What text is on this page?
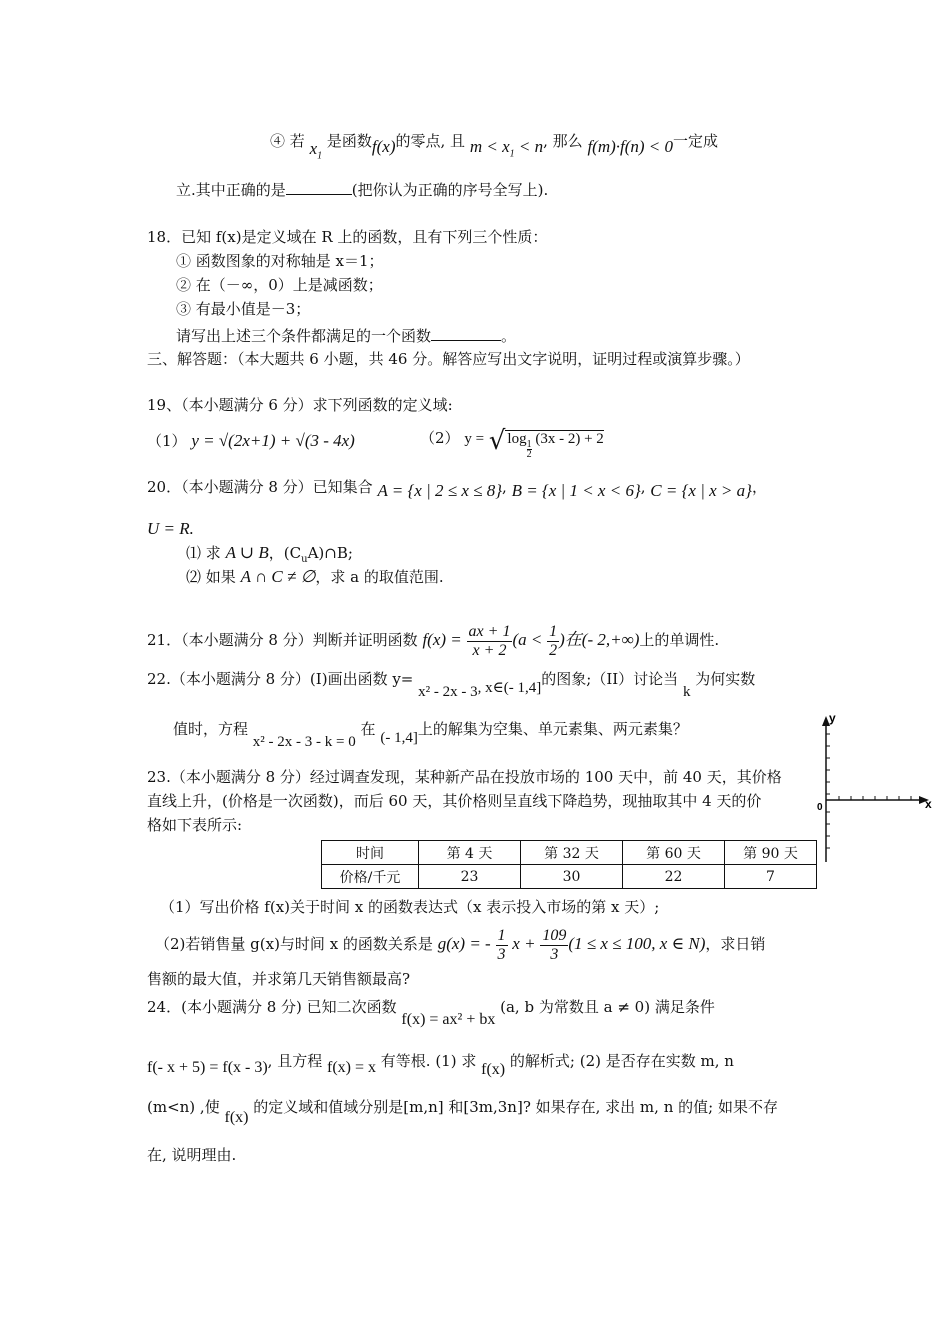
④ 若 $x_1$ 是函数f(x)的零点, 且 $m < x_1 < n$, 那么 f(m)·f(n) < 0一定成
立.其中正确的是	(把你认为正确的序号全写上).
18．已知 f(x)是定义域在 R 上的函数，且有下列三个性质：
① 函数图象的对称轴是 x＝1；
② 在（－∞，0）上是减函数；
③ 有最小值是－3；
请写出上述三个条件都满足的一个函数	。
三、解答题：（本大题共 6 小题，共 46 分。解答应写出文字说明，证明过程或演算步骤。）
19、（本小题满分 6 分）求下列函数的定义域:
（1） y = √(2x+1) + √(3 - 4x)	（2） y = √ log
$\frac{1}{2}$
(3x - 2) + 2
20．（本小题满分 8 分）已知集合 A = {x | 2 ≤ x ≤ 8}, B = {x | 1 < x < 6}, C = {x | x > a}，
U = R.
⑴ 求 A ∪ B，$(C_uA)\cap B$;
⑵ 如果 A ∩ C ≠ ∅，求 a 的取值范围.
21．（本小题满分 8 分）判断并证明函数 $f(x) = \frac{ax + 1}{x + 2} (a < \frac{1}{2}$ )在(- 2,+∞)上的单调性.
22.（本小题满分 8 分）(I)画出函数 y= x² - 2x - 3, x∈(- 1,4]的图象;（II）讨论当 k 为何实数
值时，方程 x² - 2x - 3 - k = 0 在 (- 1,4]上的解集为空集、单元素集、两元素集？
y
x
0
23.（本小题满分 8 分）经过调查发现，某种新产品在投放市场的 100 天中，前 40 天，其价格
直线上升，(价格是一次函数)，而后 60 天，其价格则呈直线下降趋势，现抽取其中 4 天的价
格如下表所示:
时间	第 4 天	第 32 天	第 60 天	第 90 天
价格/千元	23	30	22	7
（1）写出价格 f(x)关于时间 x 的函数表达式（x 表示投入市场的第 x 天）;
（2)若销售量 g(x)与时间 x 的函数关系是 g(x) = - $\frac{1}{3}$ $x + \frac{109}{3} (1 \le x \le 100$, x ∈ N)，求日销
售额的最大值，并求第几天销售额最高?
24．(本小题满分 8 分) 已知二次函数 f(x) = ax² + bx (a, b 为常数且 a ≠ 0) 满足条件
f(- x + 5) = f(x - 3), 且方程 f(x) = x 有等根. (1) 求 f(x) 的解析式; (2) 是否存在实数 m, n
(m<n) ,使 f(x) 的定义域和值域分别是[m,n] 和[3m,3n]? 如果存在, 求出 m, n 的值; 如果不存
在, 说明理由.
